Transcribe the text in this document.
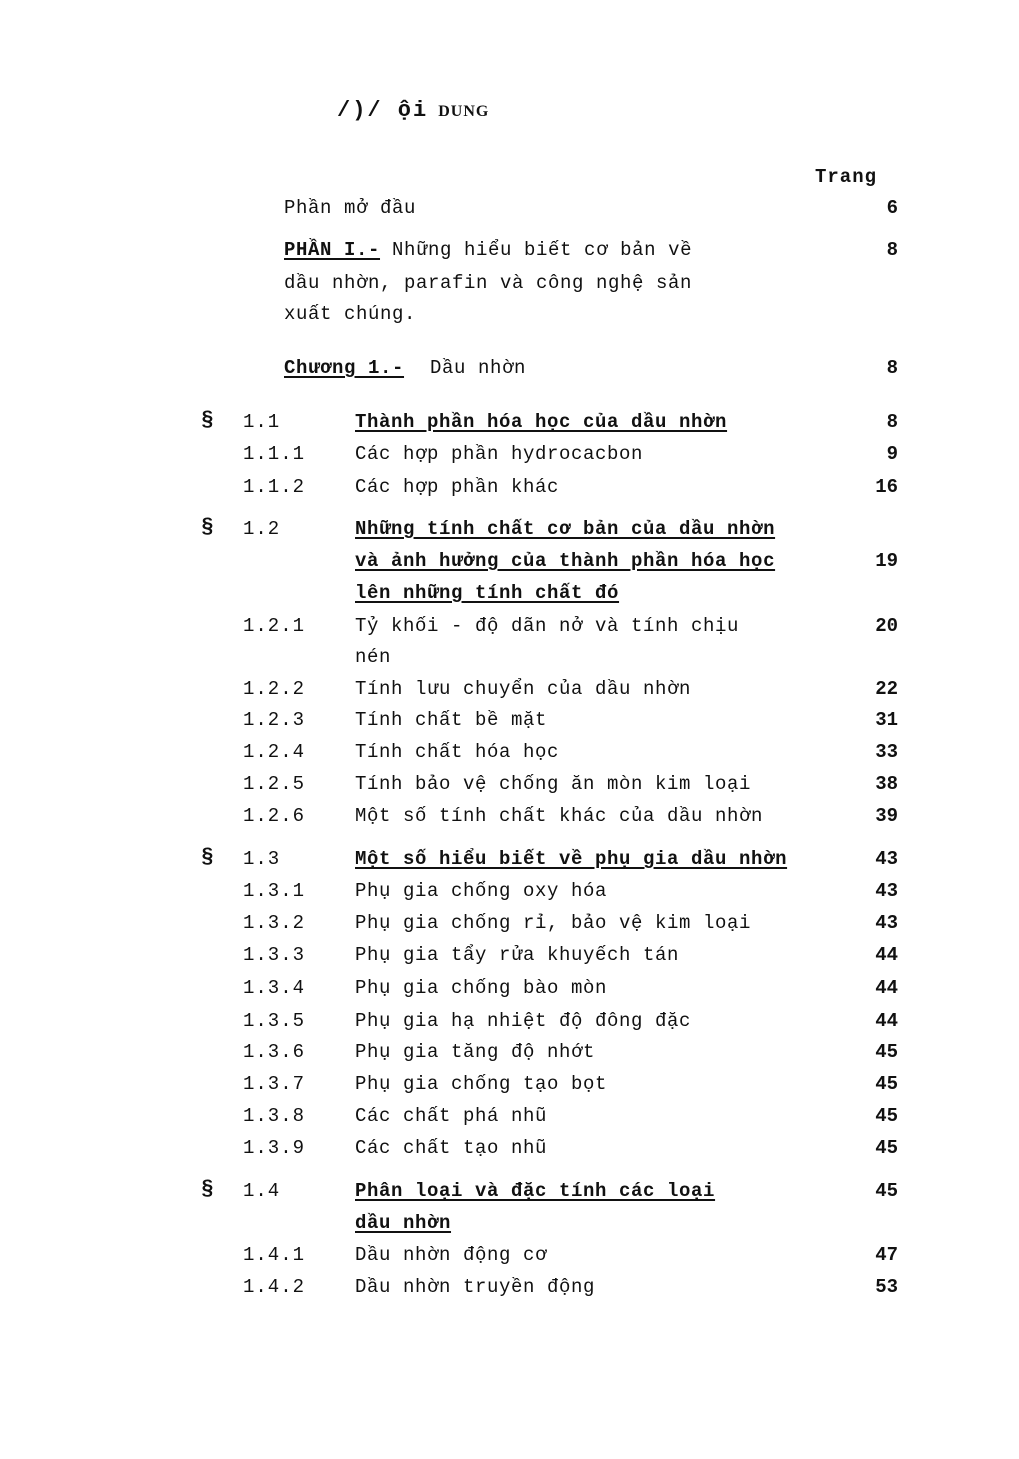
/)/ ội DUNG
Trang
Phần mở đầu	6
PHẦN I.- Những hiểu biết cơ bản về	8
dầu nhờn, parafin và công nghệ sản
xuất chúng.
Chương 1.- Dầu nhờn	8
§ 1.1	Thành phần hóa học của dầu nhờn	8
1.1.1	Các hợp phần hydrocacbon	9
1.1.2	Các hợp phần khác	16
§ 1.2	Những tính chất cơ bản của dầu nhờn
và ảnh hưởng của thành phần hóa học	19
lên những tính chất đó
1.2.1	Tỷ khối - độ dãn nở và tính chịu	20
nén
1.2.2	Tính lưu chuyển của dầu nhờn	22
1.2.3	Tính chất bề mặt	31
1.2.4	Tính chất hóa học	33
1.2.5	Tính bảo vệ chống ăn mòn kim loại	38
1.2.6	Một số tính chất khác của dầu nhờn	39
§ 1.3	Một số hiểu biết về phụ gia dầu nhờn	43
1.3.1	Phụ gia chống oxy hóa	43
1.3.2	Phụ gia chống rỉ, bảo vệ kim loại	43
1.3.3	Phụ gia tẩy rửa khuyếch tán	44
1.3.4	Phụ gia chống bào mòn	44
1.3.5	Phụ gia hạ nhiệt độ đông đặc	44
1.3.6	Phụ gia tăng độ nhớt	45
1.3.7	Phụ gia chống tạo bọt	45
1.3.8	Các chất phá nhũ	45
1.3.9	Các chất tạo nhũ	45
§ 1.4	Phân loại và đặc tính các loại	45
dầu nhờn
1.4.1	Dầu nhờn động cơ	47
1.4.2	Dầu nhờn truyền động	53
